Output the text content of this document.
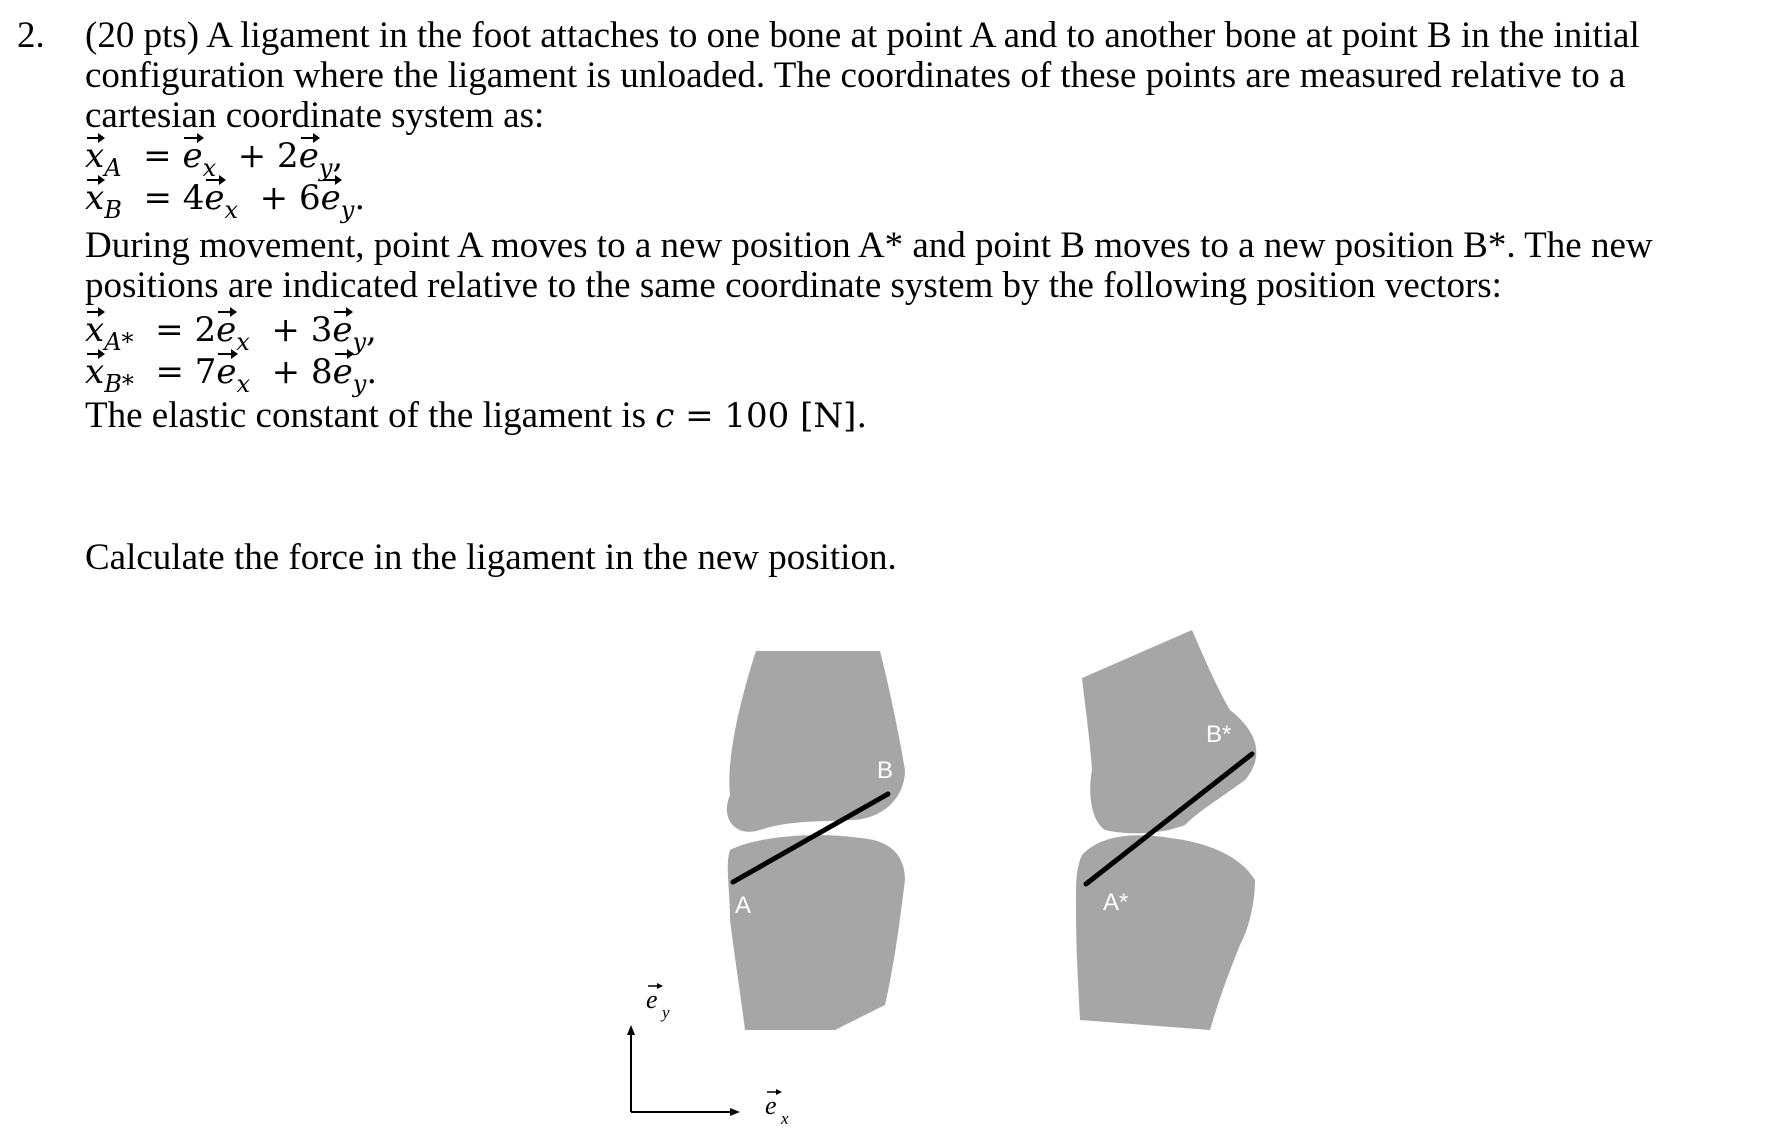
2. (20 pts) A ligament in the foot attaches to one bone at point A and to another bone at point B in the initial
configuration where the ligament is unloaded. The coordinates of these points are measured relative to a
cartesian coordinate system as:
$x_A = e_x + 2e_y$,
$x_B = 4e_x + 6e_y$.
During movement, point A moves to a new position A* and point B moves to a new position B*. The new
positions are indicated relative to the same coordinate system by the following position vectors:
$x_{A*} = 2e_x + 3e_y$,
$x_{B*} = 7e_x + 8e_y$.
The elastic constant of the ligament is c = 100 [N].
Calculate the force in the ligament in the new position.
B
A
B*
A*
e y
e x
